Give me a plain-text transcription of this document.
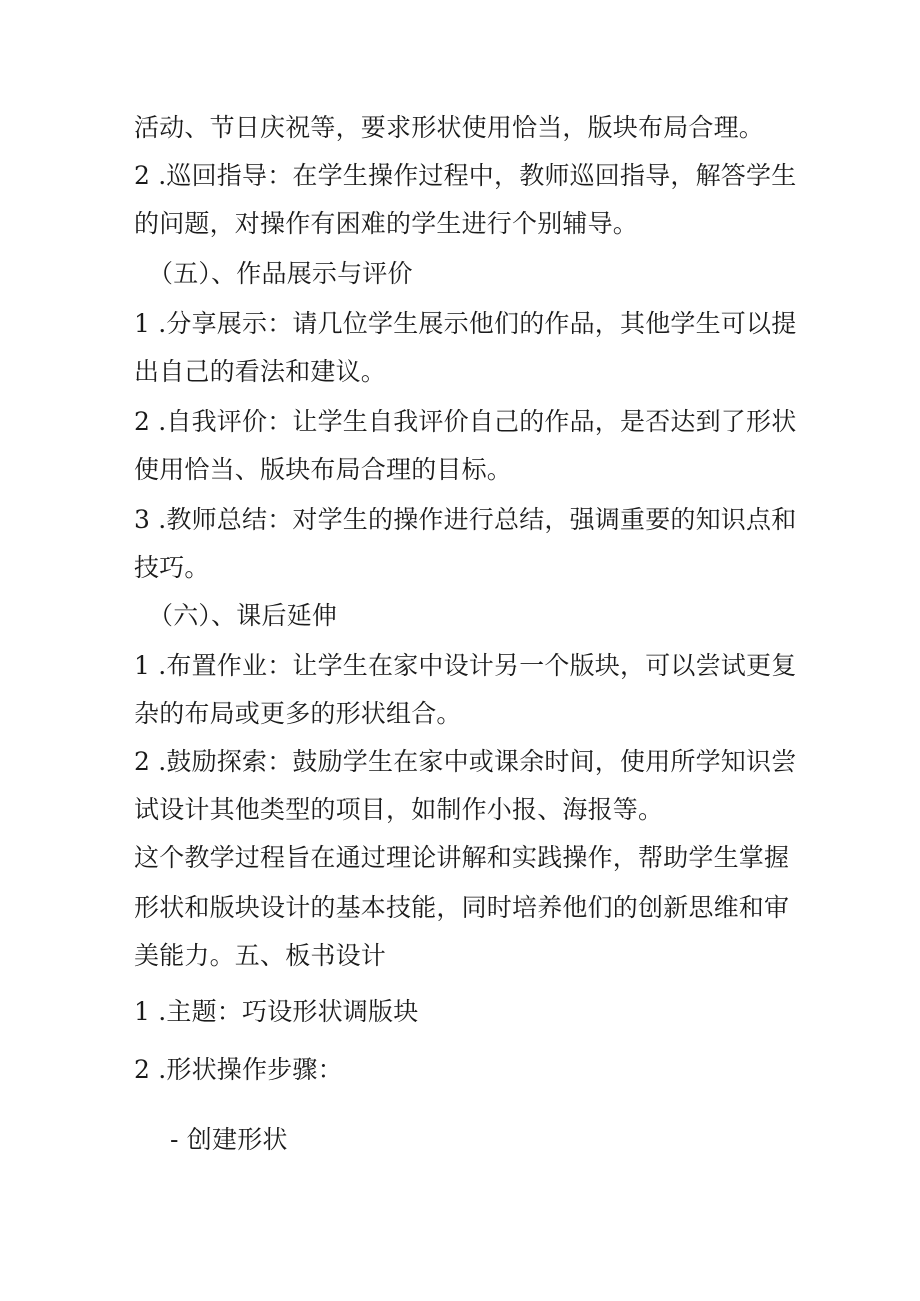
活动、节日庆祝等，要求形状使用恰当，版块布局合理。
2 .巡回指导：在学生操作过程中，教师巡回指导，解答学生
的问题，对操作有困难的学生进行个别辅导。
（五）、作品展示与评价
1 .分享展示：请几位学生展示他们的作品，其他学生可以提
出自己的看法和建议。
2 .自我评价：让学生自我评价自己的作品，是否达到了形状
使用恰当、版块布局合理的目标。
3 .教师总结：对学生的操作进行总结，强调重要的知识点和
技巧。
（六）、课后延伸
1 .布置作业：让学生在家中设计另一个版块，可以尝试更复
杂的布局或更多的形状组合。
2 .鼓励探索：鼓励学生在家中或课余时间，使用所学知识尝
试设计其他类型的项目，如制作小报、海报等。
这个教学过程旨在通过理论讲解和实践操作，帮助学生掌握
形状和版块设计的基本技能，同时培养他们的创新思维和审
美能力。五、板书设计
1 .主题：巧设形状调版块
2 .形状操作步骤：
- 创建形状
